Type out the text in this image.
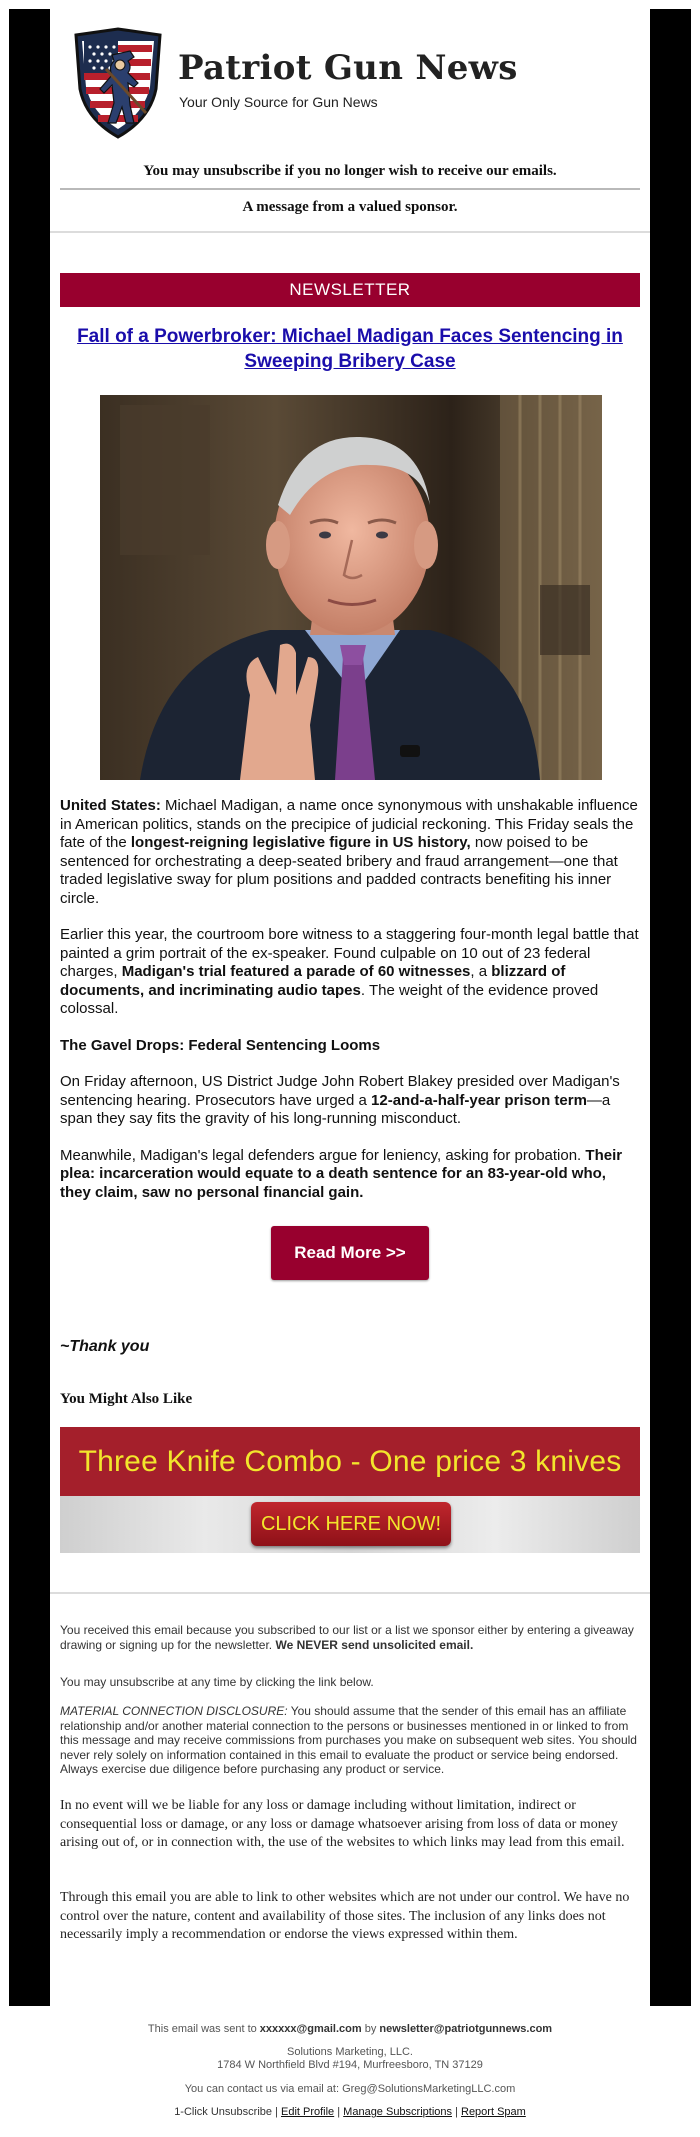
Patriot Gun News
Your Only Source for Gun News
You may unsubscribe if you no longer wish to receive our emails.
A message from a valued sponsor.
NEWSLETTER
Fall of a Powerbroker: Michael Madigan Faces Sentencing in Sweeping Bribery Case

United States: Michael Madigan, a name once synonymous with unshakable influence in American politics, stands on the precipice of judicial reckoning. This Friday seals the fate of the longest-reigning legislative figure in US history, now poised to be sentenced for orchestrating a deep-seated bribery and fraud arrangement—one that traded legislative sway for plum positions and padded contracts benefiting his inner circle.

Earlier this year, the courtroom bore witness to a staggering four-month legal battle that painted a grim portrait of the ex-speaker. Found culpable on 10 out of 23 federal charges, Madigan's trial featured a parade of 60 witnesses, a blizzard of documents, and incriminating audio tapes. The weight of the evidence proved colossal.

The Gavel Drops: Federal Sentencing Looms

On Friday afternoon, US District Judge John Robert Blakey presided over Madigan's sentencing hearing. Prosecutors have urged a 12-and-a-half-year prison term—a span they say fits the gravity of his long-running misconduct.

Meanwhile, Madigan's legal defenders argue for leniency, asking for probation. Their plea: incarceration would equate to a death sentence for an 83-year-old who, they claim, saw no personal financial gain.

Read More >>
~Thank you
You Might Also Like
Three Knife Combo - One price 3 knives
CLICK HERE NOW!
You received this email because you subscribed to our list or a list we sponsor either by entering a giveaway drawing or signing up for the newsletter. We NEVER send unsolicited email.
You may unsubscribe at any time by clicking the link below.
MATERIAL CONNECTION DISCLOSURE: You should assume that the sender of this email has an affiliate relationship and/or another material connection to the persons or businesses mentioned in or linked to from this message and may receive commissions from purchases you make on subsequent web sites. You should never rely solely on information contained in this email to evaluate the product or service being endorsed. Always exercise due diligence before purchasing any product or service.
In no event will we be liable for any loss or damage including without limitation, indirect or consequential loss or damage, or any loss or damage whatsoever arising from loss of data or money arising out of, or in connection with, the use of the websites to which links may lead from this email.
Through this email you are able to link to other websites which are not under our control. We have no control over the nature, content and availability of those sites. The inclusion of any links does not necessarily imply a recommendation or endorse the views expressed within them.
This email was sent to xxxxxx@gmail.com by newsletter@patriotgunnews.com
Solutions Marketing, LLC.
1784 W Northfield Blvd #194, Murfreesboro, TN 37129
You can contact us via email at: Greg@SolutionsMarketingLLC.com
1-Click Unsubscribe | Edit Profile | Manage Subscriptions | Report Spam
